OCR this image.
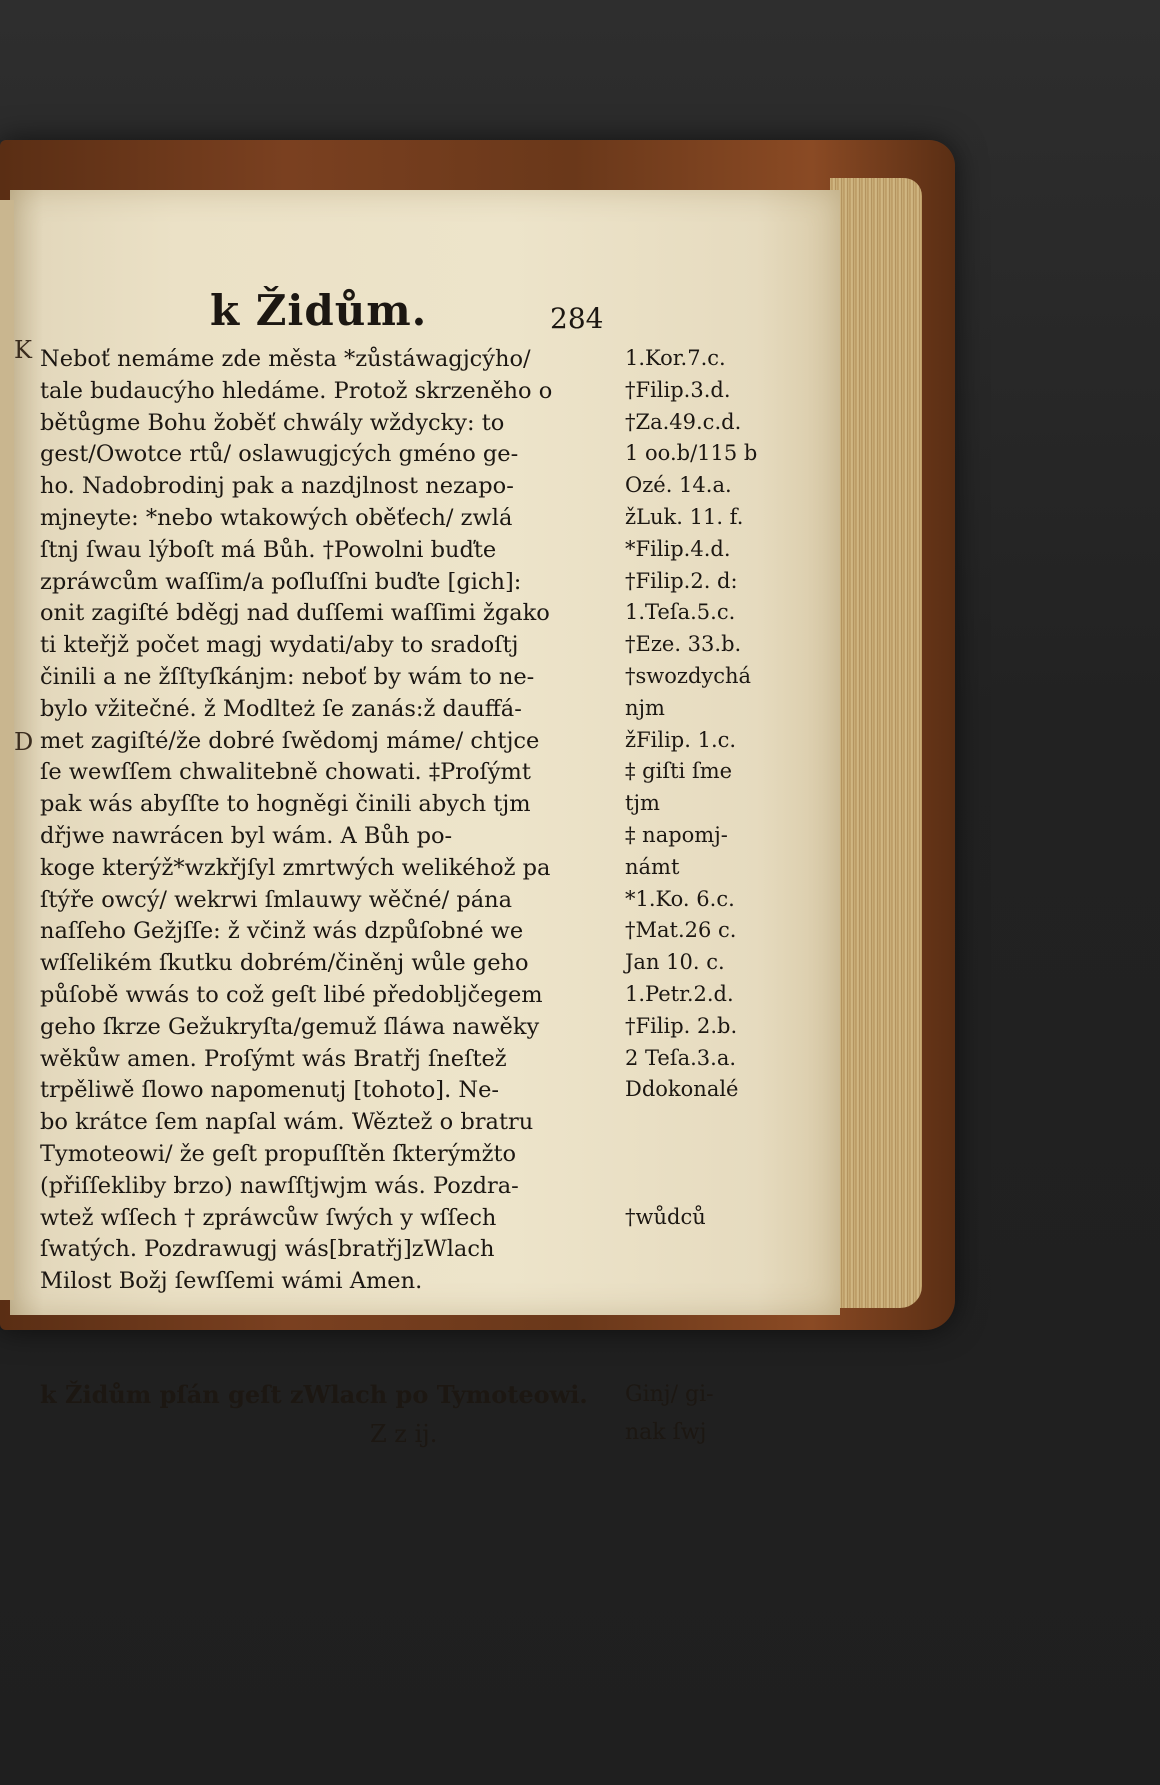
k Židům.	284
K
D
Neboť nemáme zde města *zůstáwagjcýho/
tale budaucýho hledáme. Protož skrzeněho o
bětůgme Bohu žoběť chwály wždycky: to
gest/Owotce rtů/ oslawugjcých gméno ge-
ho. Nadobrodinj pak a nazdjlnost nezapo-
mjneyte: *nebo wtakowých oběťech/ zwlá
ſtnj ſwau lýboſt má Bůh. †Powolni buďte
zpráwcům waſſim/a poſluſſni buďte [gich]:
onit zagiſté bděgj nad duſſemi waſſimi žgako
ti kteřjž počet magj wydati/aby to sradoſtj
činili a ne žſſtyſkánjm: neboť by wám to ne-
bylo vžitečné. ž Modlteż ſe zanás:ž dauffá-
met zagiſté/že dobré ſwědomj máme/ chtjce
ſe wewſſem chwalitebně chowati. ‡Proſýmt
pak wás abyſſte to hogněgi činili abych tjm
dřjwe nawrácen byl wám. A Bůh po-
koge kterýž*wzkřjſyl zmrtwých welikéhož pa
ſtýře owcý/ wekrwi ſmlauwy wěčné/ pána
naſſeho Gežjſſe: ž včinž wás dzpůſobné we
wſſelikém ſkutku dobrém/činěnj wůle geho
půſobě wwás to což geſt libé předobljčegem
geho ſkrze Gežukryſta/gemuž ſláwa nawěky
wěkůw amen. Proſýmt wás Bratřj ſneſtež
trpěliwě ſlowo napomenutj [tohoto]. Ne-
bo krátce ſem napſal wám. Wěztež o bratru
Tymoteowi/ že geſt propuſſtěn ſkterýmžto
(přiſſekliby brzo) nawſſtjwjm wás. Pozdra-
wtež wſſech † zpráwcůw ſwých y wſſech
ſwatých. Pozdrawugj wás[bratřj]zWlach
Milost Božj ſewſſemi wámi Amen.
1.Kor.7.c.
†Filip.3.d.
†Za.49.c.d.
1 oo.b/115 b
Ozé. 14.a.
žLuk. 11. f.
*Filip.4.d.
†Filip.2. d:
1.Teſa.5.c.
†Eze. 33.b.
†swozdychá
njm
žFilip. 1.c.
‡ giſti ſme
tjm
‡ napomj-
námt
*1.Ko. 6.c.
†Mat.26 c.
Jan 10. c.
1.Petr.2.d.
†Filip. 2.b.
2 Teſa.3.a.
Ddokonalé
†wůdců
k Židům pſán geſt zWlach po Tymoteowi. Ginj/ gi-
Z z ij.	nak ſwj
